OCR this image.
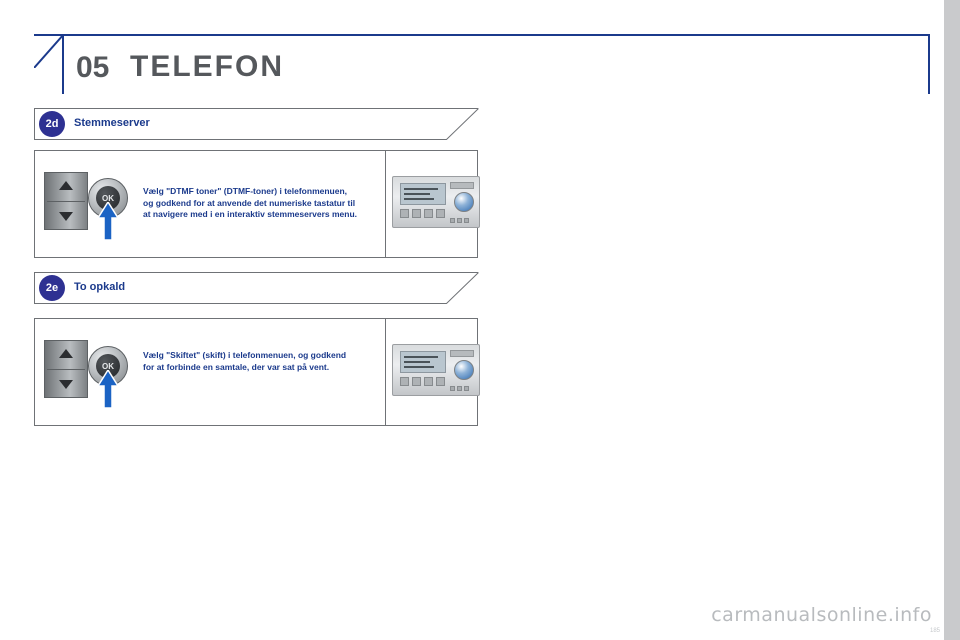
05 TELEFON
2d	Stemmeserver
OK
Vælg "DTMF toner" (DTMF-toner) i telefonmenuen, og godkend for at anvende det numeriske tastatur til at navigere med i en interaktiv stemmeservers menu.
2e	To opkald
OK
Vælg "Skiftet" (skift) i telefonmenuen, og godkend for at forbinde en samtale, der var sat på vent.
carmanualsonline.info
185
